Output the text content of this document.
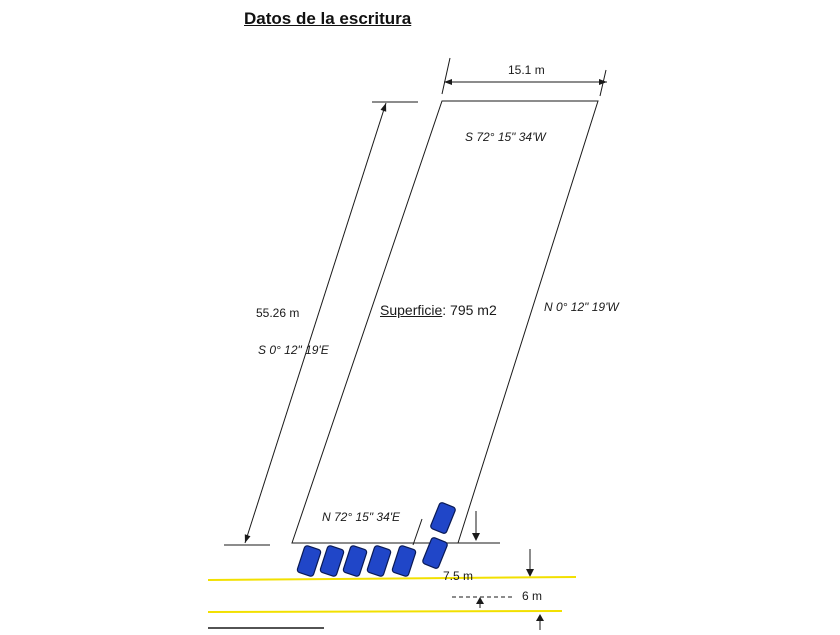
Datos de la escritura
15.1 m
S 72° 15" 34'W
55.26 m
S 0° 12" 19'E
N 0° 12" 19'W
Superficie: 795 m2
N 72° 15" 34'E
7.5 m
6 m
